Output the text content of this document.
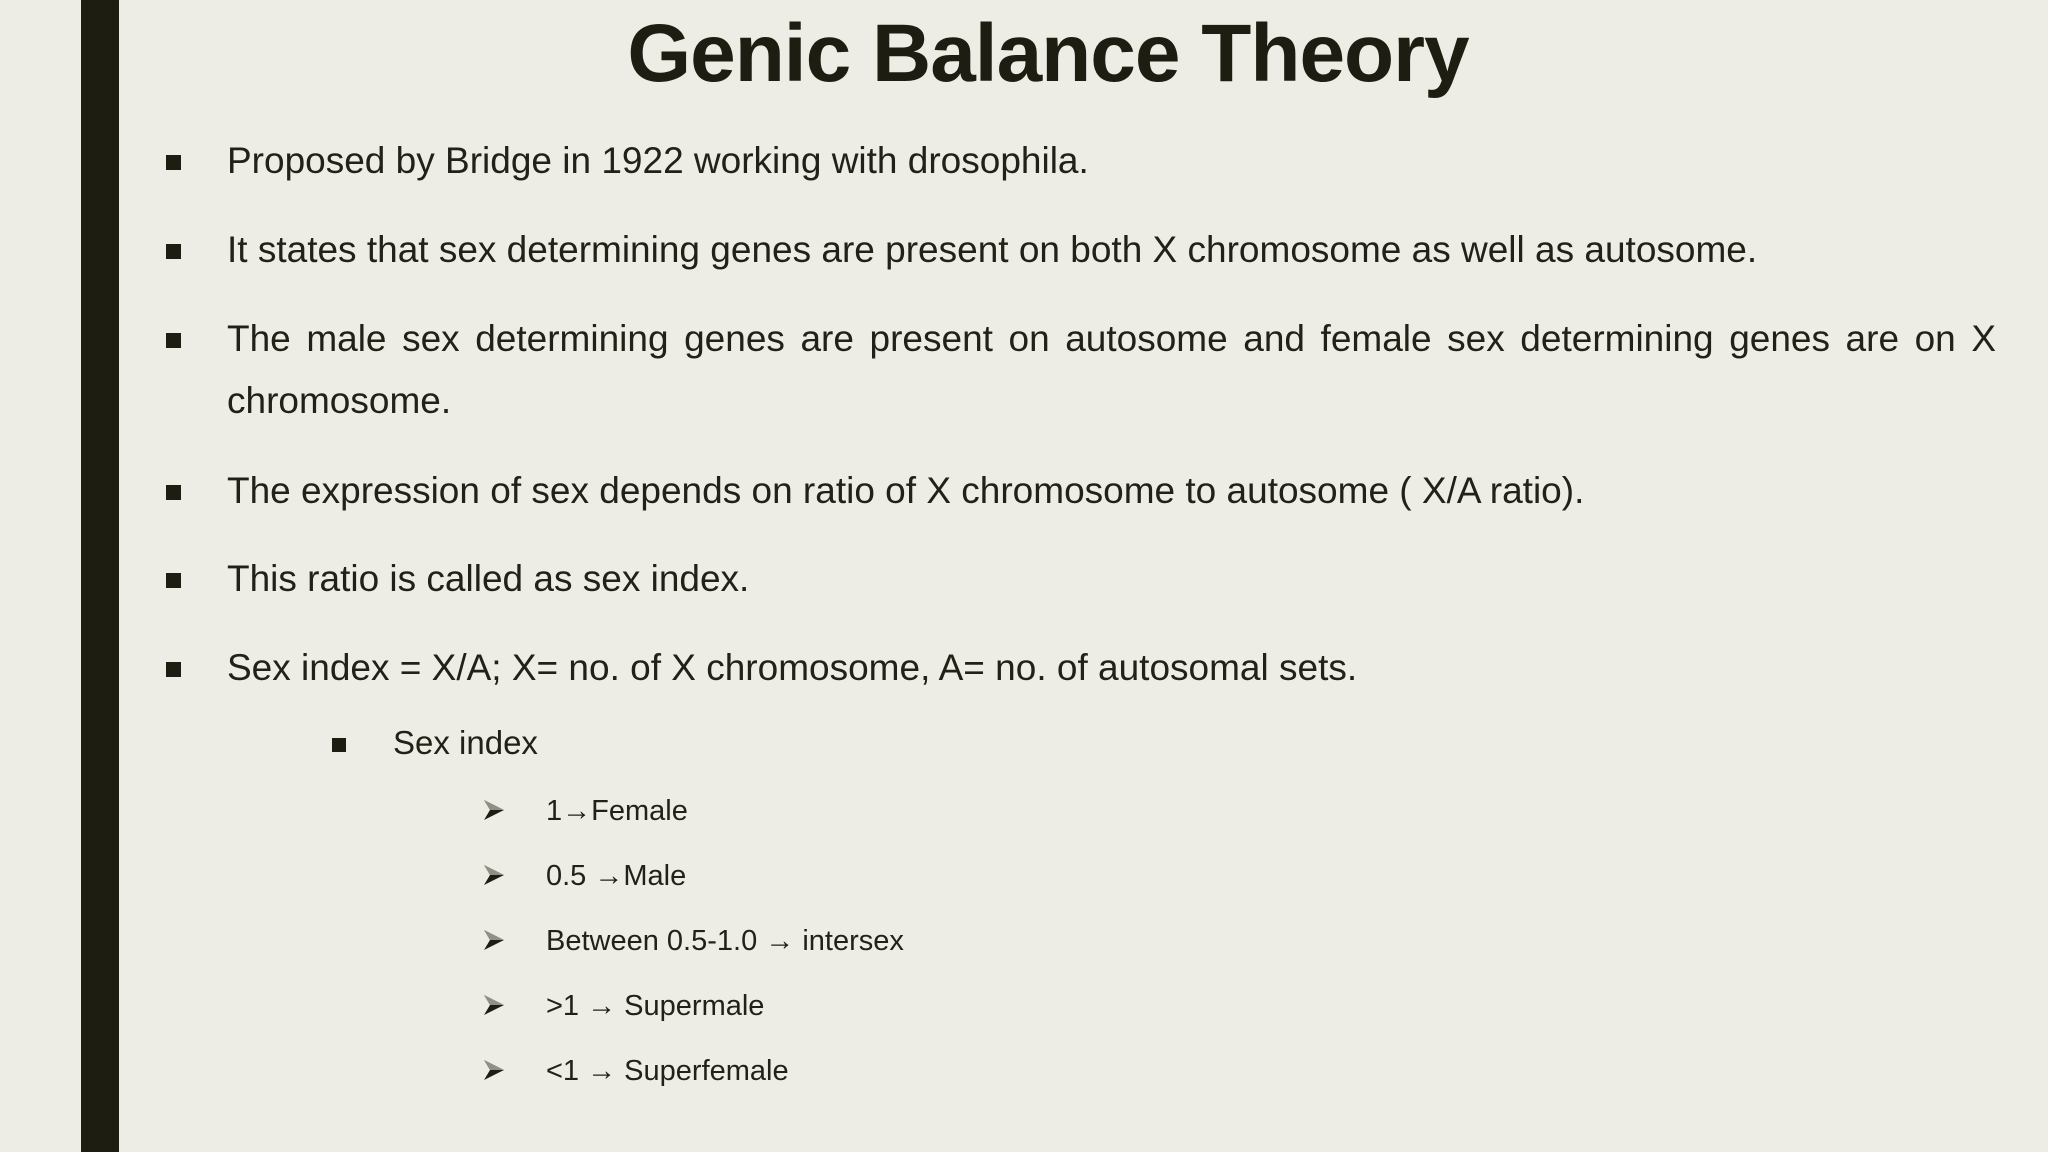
Genic Balance Theory
Proposed by Bridge in 1922 working with drosophila.
It states that sex determining genes are present on both X chromosome as well as autosome.
The male sex determining genes are present on autosome and female sex determining genes are on X chromosome.
The expression of sex depends on ratio of X chromosome to autosome ( X/A ratio).
This ratio is called as sex index.
Sex index = X/A; X= no. of X chromosome, A= no. of autosomal sets.
Sex index
1→Female
0.5 →Male
Between 0.5-1.0 → intersex
>1 → Supermale
<1 → Superfemale
